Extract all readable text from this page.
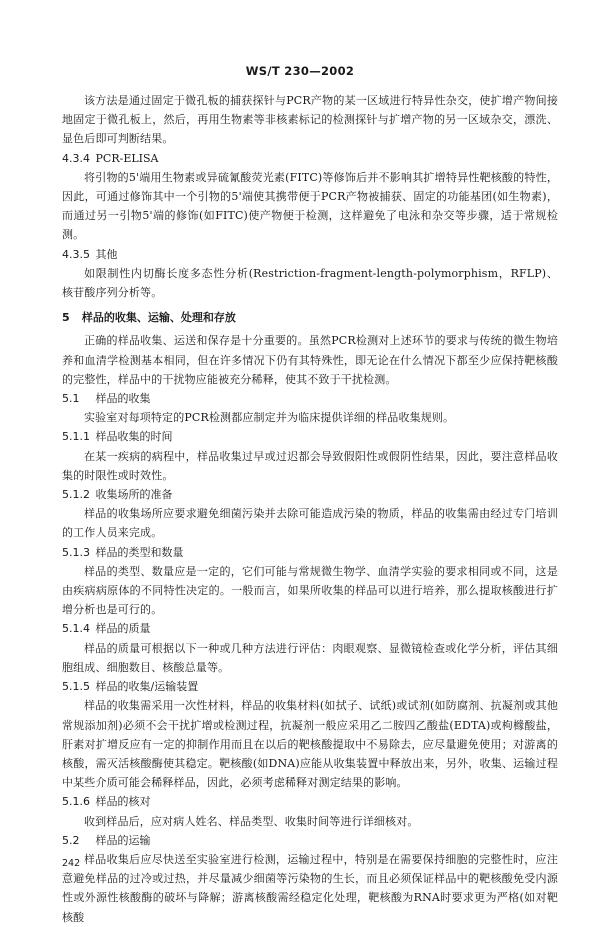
WS/T 230—2002

该方法是通过固定于微孔板的捕获探针与PCR产物的某一区域进行特异性杂交，使扩增产物间接地固定于微孔板上，然后，再用生物素等非核素标记的检测探针与扩增产物的另一区域杂交，漂洗、显色后即可判断结果。

4.3.4 PCR-ELISA

将引物的5'端用生物素或异硫氰酸荧光素(FITC)等修饰后并不影响其扩增特异性靶核酸的特性，因此，可通过修饰其中一个引物的5'端使其携带便于PCR产物被捕获、固定的功能基团(如生物素)，而通过另一引物5'端的修饰(如FITC)使产物便于检测，这样避免了电泳和杂交等步骤，适于常规检测。

4.3.5 其他

如限制性内切酶长度多态性分析(Restriction-fragment-length-polymorphism，RFLP)、核苷酸序列分析等。

5 样品的收集、运输、处理和存放

正确的样品收集、运送和保存是十分重要的。虽然PCR检测对上述环节的要求与传统的微生物培养和血清学检测基本相同，但在许多情况下仍有其特殊性，即无论在什么情况下都至少应保持靶核酸的完整性，样品中的干扰物应能被充分稀释，使其不致于干扰检测。

5.1 样品的收集

实验室对每项特定的PCR检测都应制定并为临床提供详细的样品收集规则。

5.1.1 样品收集的时间

在某一疾病的病程中，样品收集过早或过迟都会导致假阳性或假阴性结果，因此，要注意样品收集的时限性或时效性。

5.1.2 收集场所的准备

样品的收集场所应要求避免细菌污染并去除可能造成污染的物质，样品的收集需由经过专门培训的工作人员来完成。

5.1.3 样品的类型和数量

样品的类型、数量应是一定的，它们可能与常规微生物学、血清学实验的要求相同或不同，这是由疾病病原体的不同特性决定的。一般而言，如果所收集的样品可以进行培养，那么提取核酸进行扩增分析也是可行的。

5.1.4 样品的质量

样品的质量可根据以下一种或几种方法进行评估：肉眼观察、显微镜检查或化学分析，评估其细胞组成、细胞数目、核酸总量等。

5.1.5 样品的收集/运输装置

样品的收集需采用一次性材料，样品的收集材料(如拭子、试纸)或试剂(如防腐剂、抗凝剂或其他常规添加剂)必须不会干扰扩增或检测过程，抗凝剂一般应采用乙二胺四乙酸盐(EDTA)或枸橼酸盐，肝素对扩增反应有一定的抑制作用而且在以后的靶核酸提取中不易除去，应尽量避免使用；对游离的核酸，需灭活核酸酶使其稳定。靶核酸(如DNA)应能从收集装置中释放出来，另外，收集、运输过程中某些介质可能会稀释样品，因此，必须考虑稀释对测定结果的影响。

5.1.6 样品的核对

收到样品后，应对病人姓名、样品类型、收集时间等进行详细核对。

5.2 样品的运输

样品收集后应尽快送至实验室进行检测，运输过程中，特别是在需要保持细胞的完整性时，应注意避免样品的过冷或过热，并尽量减少细菌等污染物的生长，而且必须保证样品中的靶核酸免受内源性或外源性核酸酶的破坏与降解；游离核酸需经稳定化处理，靶核酸为RNA时要求更为严格(如对靶核酸

242
